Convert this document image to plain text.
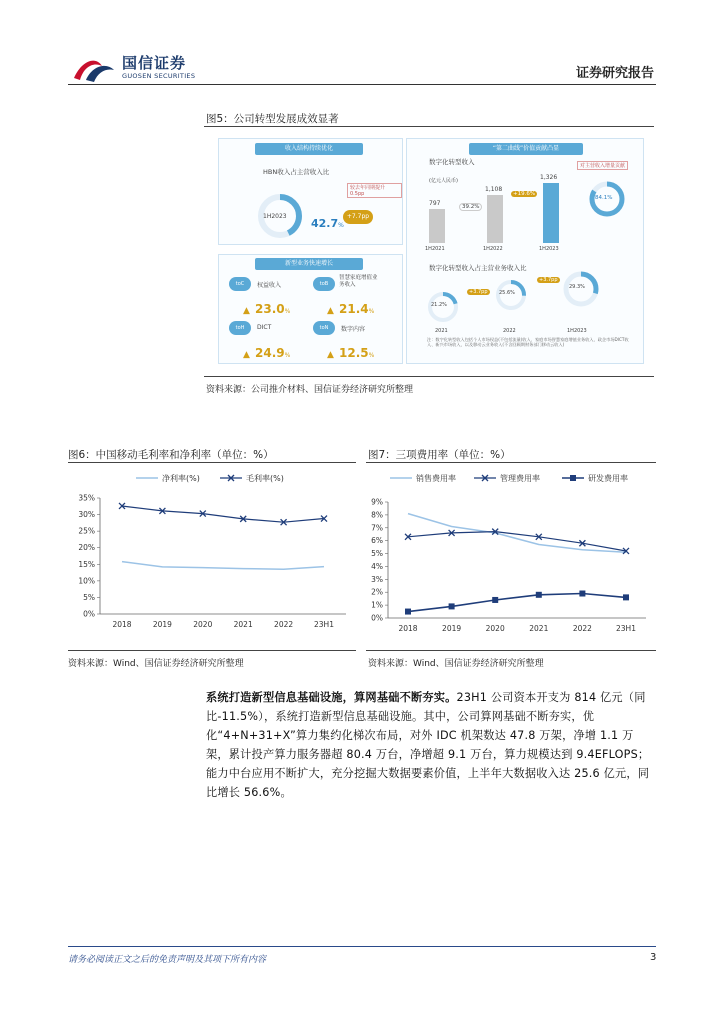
国信证券
GUOSEN SECURITIES	证券研究报告
图5：公司转型发展成效显著
收入结构持续优化
HBN收入占主营收入比
较去年同期提升0.5pp
1H2023
42.7%
+7.7pp
新型业务快速增长
toC	权益收入
▲ 23.0%
toB
智慧家庭增值业务收入
▲ 21.4%
toH	DICT
▲ 24.9%
toN	数字内容
▲ 12.5%
“第二曲线”价值贡献凸显
数字化转型收入
(亿元人民币)
对主营收入增量贡献
84.1%
797
1H2021
1,108
1H2022
1,326
1H2023
39.2%
+19.6%
数字化转型收入占主营业务收入比
21.2%
2021
25.6%
2022
29.3%
1H2023
+3.7pp
+3.7pp
注：数字化转型收入包括个人市场权益(不包括流量)收入、家庭市场智慧家庭增值业务收入、政企市场DICT收入、新兴市场收入，以及移动云业务收入(不含回顾期财务部门移动云收入)
资料来源：公司推介材料、国信证券经济研究所整理
图6：中国移动毛利率和净利率（单位：%）
0%
5%
10%
15%
20%
25%
30%
35%
2018	2019	2020	2021	2022	23H1
净利率(%)	毛利率(%)
资料来源：Wind、国信证券经济研究所整理
图7：三项费用率（单位：%）
0%
1%
2%
3%
4%
5%
6%
7%
8%
9%
2018	2019	2020	2021	2022	23H1
销售费用率	管理费用率	研发费用率
资料来源：Wind、国信证券经济研究所整理
系统打造新型信息基础设施，算网基础不断夯实。23H1 公司资本开支为 814 亿元（同比-11.5%），系统打造新型信息基础设施。其中，公司算网基础不断夯实，优化“4+N+31+X”算力集约化梯次布局，对外 IDC 机架数达 47.8 万架，净增 1.1 万架，累计投产算力服务器超 80.4 万台，净增超 9.1 万台，算力规模达到 9.4EFLOPS；能力中台应用不断扩大，充分挖掘大数据要素价值，上半年大数据收入达 25.6 亿元，同比增长 56.6%。
请务必阅读正文之后的免责声明及其项下所有内容	3
